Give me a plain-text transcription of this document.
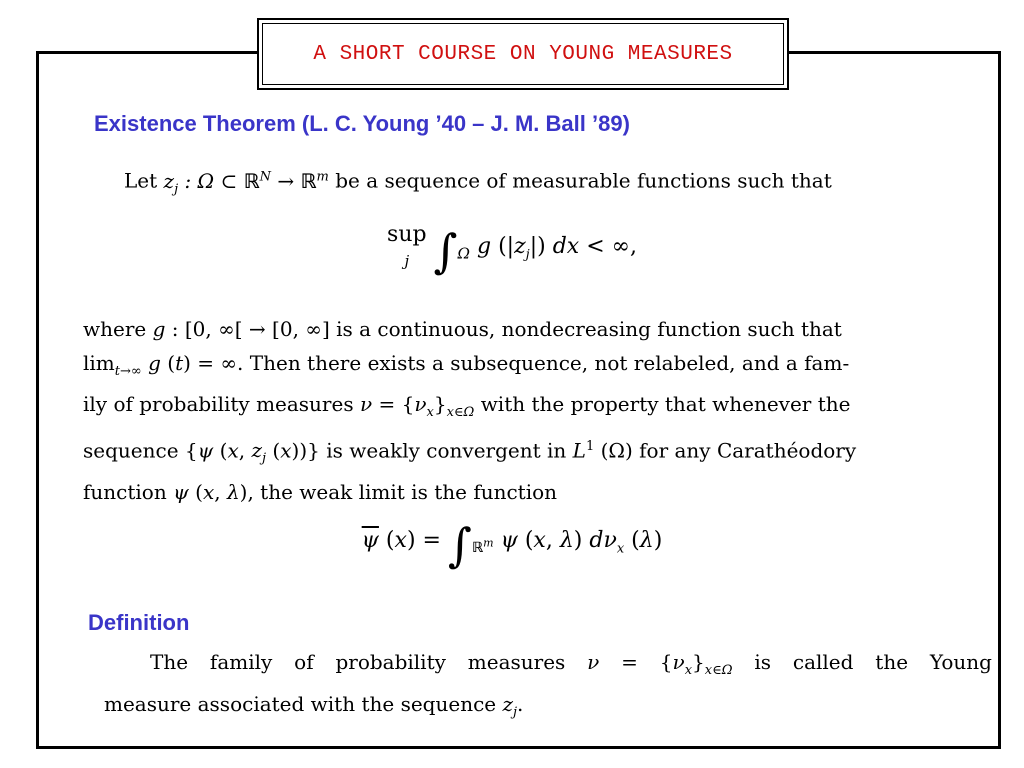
A SHORT COURSE ON YOUNG MEASURES
Existence Theorem (L. C. Young ’40 – J. M. Ball ’89)

Let $z_j$ : Ω ⊂ ℝ$^N$ → ℝ$^m$ be a sequence of measurable functions such that

sup
j $\int_\Omega$ g $(|z_j|)$ dx < ∞,
where g : [0, ∞[ → [0, ∞] is a continuous, nondecreasing function such that
$\lim_{t\to\infty} g$ (t) = ∞. Then there exists a subsequence, not relabeled, and a fam-
ily of probability measures $\nu = \{\nu_x\}_{x\in\Omega}$ with the property that whenever the
sequence {ψ (x, $z_j$ (x))} is weakly convergent in $L^1$ (Ω) for any Carathéodory
function ψ (x, λ), the weak limit is the function
$\overline{\psi}$ $(x) = \int_{ℝ^m}$ ψ (x, λ) $d\nu_x$ (λ)
Definition
The family of probability measures $\nu = \{\nu_x\}_{x\in\Omega}$ is called the Young
measure associated with the sequence $z_j$.
